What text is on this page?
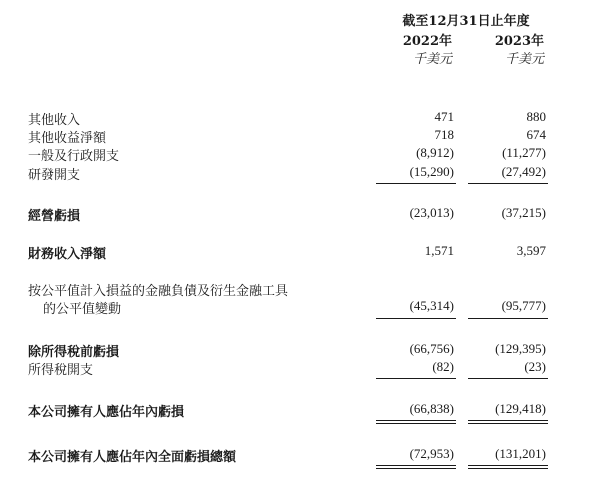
截至12月31日止年度
2022年	2023年
千美元	千美元
其他收入	471	880
其他收益淨額	718	674
一般及行政開支	(8,912)	(11,277)
研發開支	(15,290)	(27,492)
經營虧損	(23,013)	(37,215)
財務收入淨額	1,571	3,597
按公平值計入損益的金融負債及衍生金融工具
的公平值變動	(45,314)	(95,777)
除所得稅前虧損	(66,756)	(129,395)
所得稅開支	(82)	(23)
本公司擁有人應佔年內虧損	(66,838)	(129,418)
本公司擁有人應佔年內全面虧損總額	(72,953)	(131,201)
